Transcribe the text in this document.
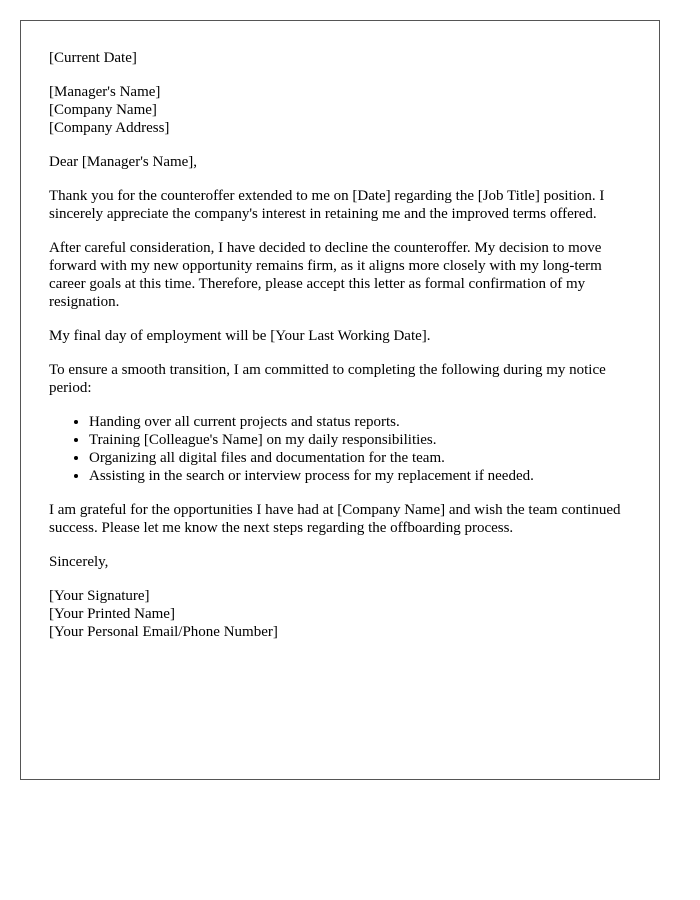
[Current Date]

[Manager's Name]
[Company Name]
[Company Address]

Dear [Manager's Name],

Thank you for the counteroffer extended to me on [Date] regarding the [Job Title] position. I sincerely appreciate the company's interest in retaining me and the improved terms offered.

After careful consideration, I have decided to decline the counteroffer. My decision to move forward with my new opportunity remains firm, as it aligns more closely with my long-term career goals at this time. Therefore, please accept this letter as formal confirmation of my resignation.

My final day of employment will be [Your Last Working Date].

To ensure a smooth transition, I am committed to completing the following during my notice period:

• Handing over all current projects and status reports.
• Training [Colleague's Name] on my daily responsibilities.
• Organizing all digital files and documentation for the team.
• Assisting in the search or interview process for my replacement if needed.

I am grateful for the opportunities I have had at [Company Name] and wish the team continued success. Please let me know the next steps regarding the offboarding process.

Sincerely,

[Your Signature]
[Your Printed Name]
[Your Personal Email/Phone Number]
